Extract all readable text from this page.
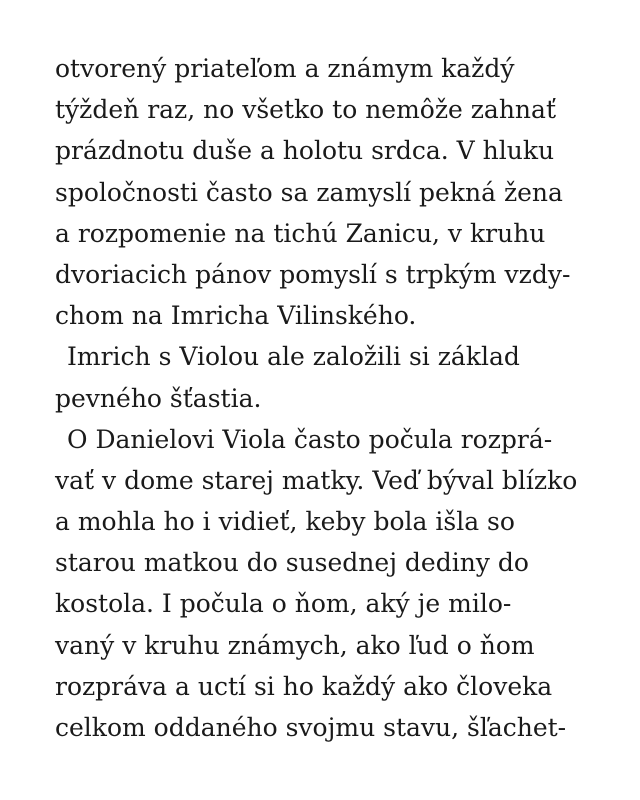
otvorený priateľom a známym každý
týždeň raz, no všetko to nemôže zahnať
prázdnotu duše a holotu srdca. V hluku
spoločnosti často sa zamyslí pekná žena
a rozpomenie na tichú Zanicu, v kruhu
dvoriacich pánov pomyslí s trpkým vzdy-
chom na Imricha Vilinského.
Imrich s Violou ale založili si základ
pevného šťastia.
O Danielovi Viola často počula rozprá-
vať v dome starej matky. Veď býval blízko
a mohla ho i vidieť, keby bola išla so
starou matkou do susednej dediny do
kostola. I počula o ňom, aký je milo-
vaný v kruhu známych, ako ľud o ňom
rozpráva a uctí si ho každý ako človeka
celkom oddaného svojmu stavu, šľachet-
